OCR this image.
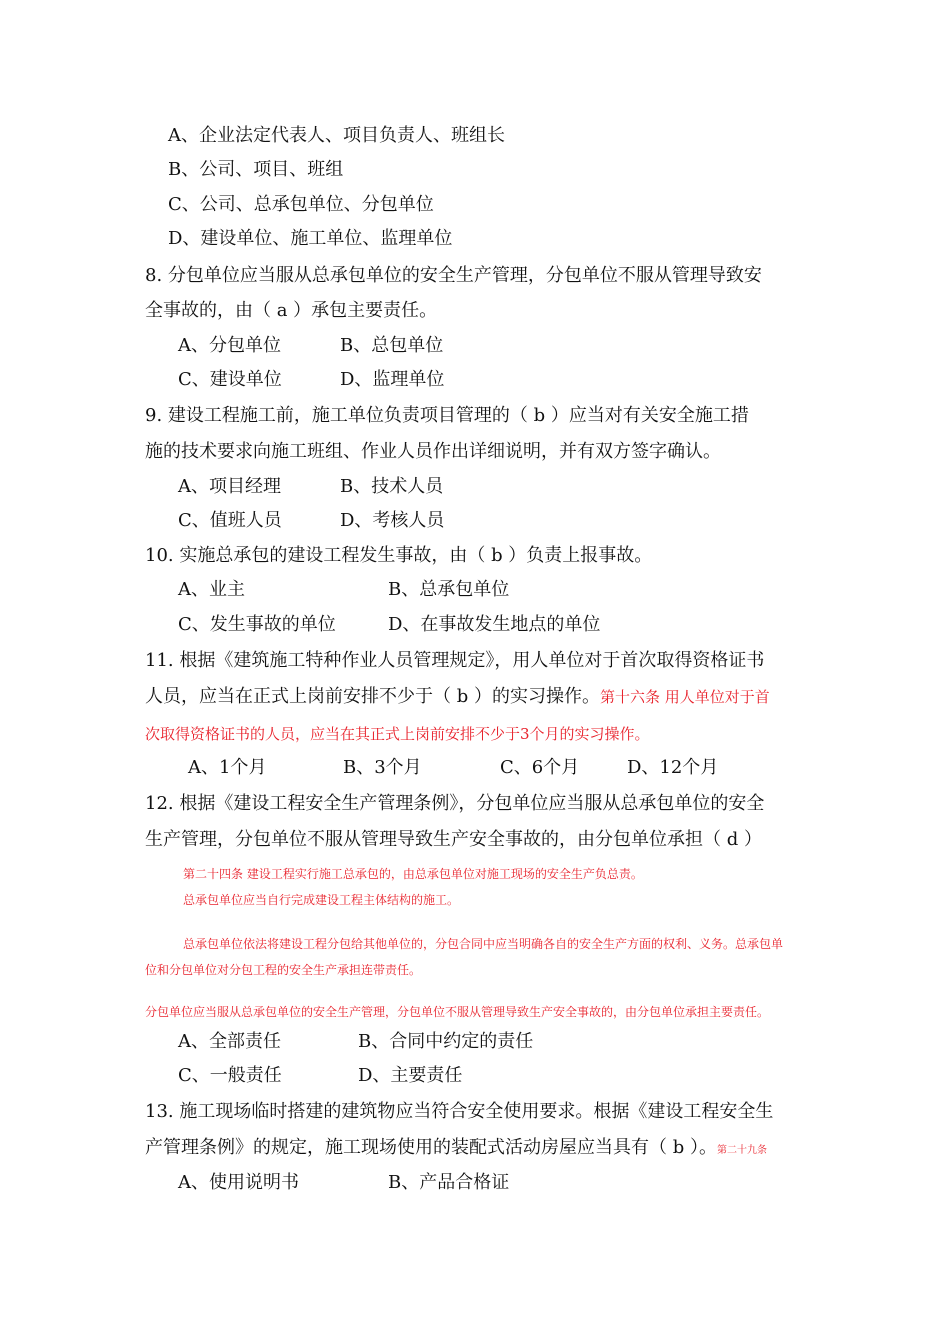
A、企业法定代表人、项目负责人、班组长
B、公司、项目、班组
C、公司、总承包单位、分包单位
D、建设单位、施工单位、监理单位
8. 分包单位应当服从总承包单位的安全生产管理，分包单位不服从管理导致安
全事故的，由（ a ）承包主要责任。
A、分包单位	B、总包单位
C、建设单位	D、监理单位
9. 建设工程施工前，施工单位负责项目管理的（ b ）应当对有关安全施工措
施的技术要求向施工班组、作业人员作出详细说明，并有双方签字确认。
A、项目经理	B、技术人员
C、值班人员	D、考核人员
10. 实施总承包的建设工程发生事故，由（ b ）负责上报事故。
A、业主	B、总承包单位
C、发生事故的单位	D、在事故发生地点的单位
11. 根据《建筑施工特种作业人员管理规定》，用人单位对于首次取得资格证书
人员，应当在正式上岗前安排不少于（ b ）的实习操作。第十六条 用人单位对于首
次取得资格证书的人员，应当在其正式上岗前安排不少于3个月的实习操作。
A、1个月	B、3个月	C、6个月	D、12个月
12. 根据《建设工程安全生产管理条例》，分包单位应当服从总承包单位的安全
生产管理，分包单位不服从管理导致生产安全事故的，由分包单位承担（ d ）
第二十四条 建设工程实行施工总承包的，由总承包单位对施工现场的安全生产负总责。
总承包单位应当自行完成建设工程主体结构的施工。
总承包单位依法将建设工程分包给其他单位的，分包合同中应当明确各自的安全生产方面的权利、义务。总承包单
位和分包单位对分包工程的安全生产承担连带责任。
分包单位应当服从总承包单位的安全生产管理，分包单位不服从管理导致生产安全事故的，由分包单位承担主要责任。
A、全部责任	B、合同中约定的责任
C、一般责任	D、主要责任
13. 施工现场临时搭建的建筑物应当符合安全使用要求。根据《建设工程安全生
产管理条例》的规定，施工现场使用的装配式活动房屋应当具有（ b ）。第二十九条
A、使用说明书	B、产品合格证
